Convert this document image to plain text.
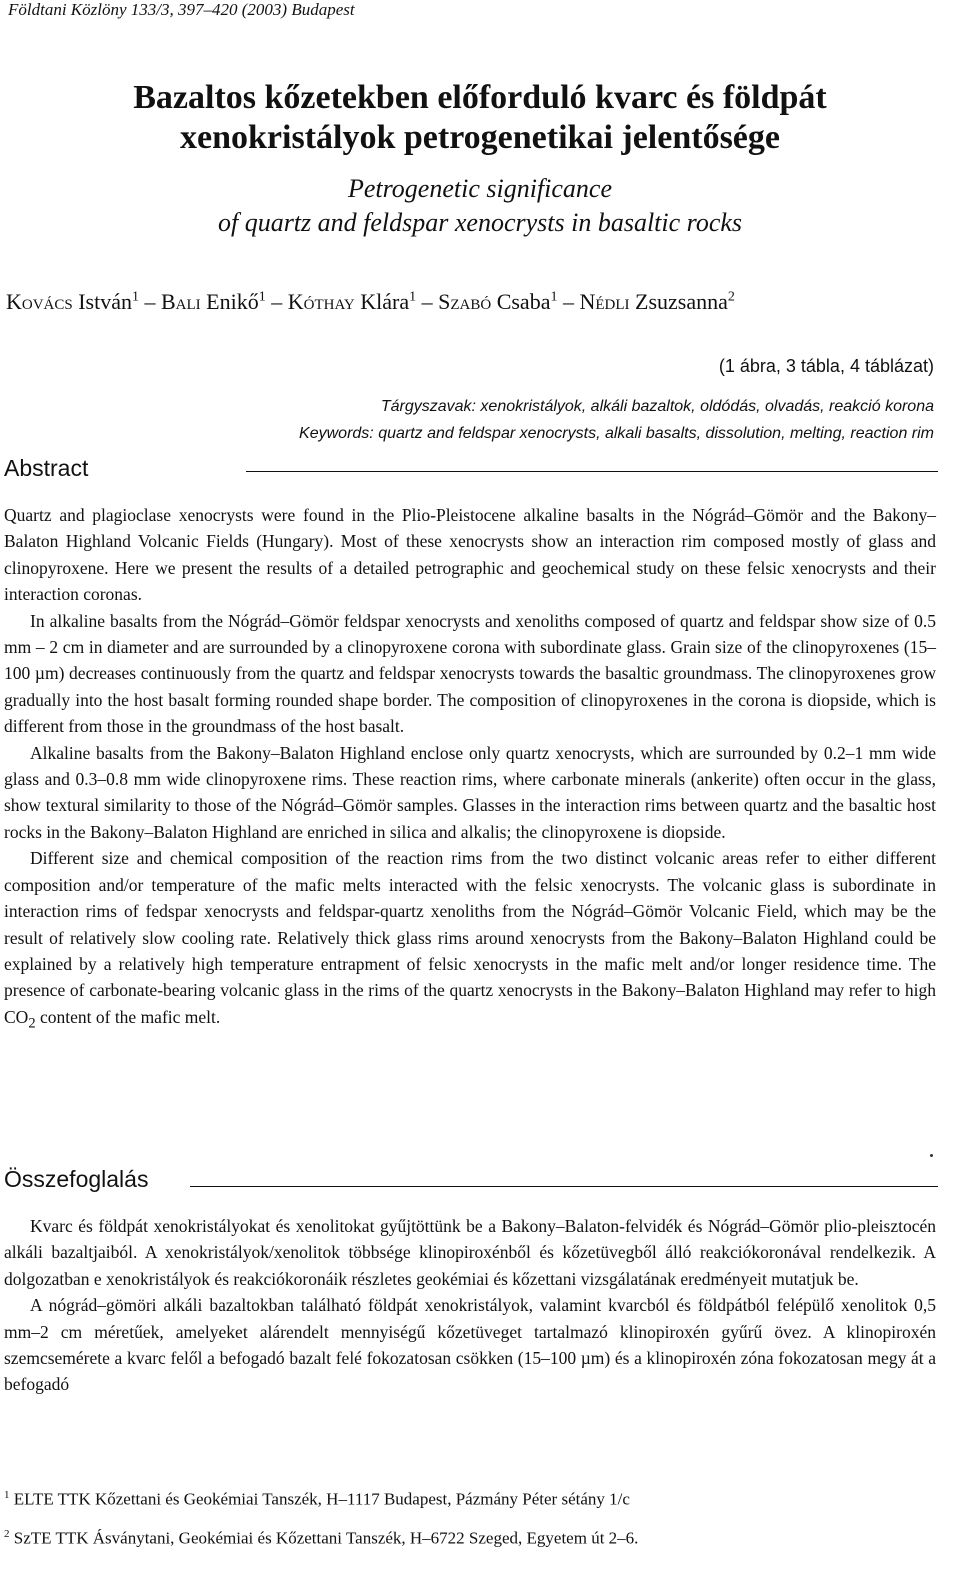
Földtani Közlöny 133/3, 397–420 (2003) Budapest
Bazaltos kőzetekben előforduló kvarc és földpát
xenokristályok petrogenetikai jelentősége
Petrogenetic significance
of quartz and feldspar xenocrysts in basaltic rocks
Kovács István$^1$ – Bali Enikő$^1$ – Kóthay Klára$^1$ – Szabó Csaba$^1$ – Nédli Zsuzsanna$^2$
(1 ábra, 3 tábla, 4 táblázat)
Tárgyszavak: xenokristályok, alkáli bazaltok, oldódás, olvadás, reakció korona
Keywords: quartz and feldspar xenocrysts, alkali basalts, dissolution, melting, reaction rim
Abstract

Quartz and plagioclase xenocrysts were found in the Plio-Pleistocene alkaline basalts in the Nógrád–Gömör and the Bakony–Balaton Highland Volcanic Fields (Hungary). Most of these xenocrysts show an interaction rim composed mostly of glass and clinopyroxene. Here we present the results of a detailed petrographic and geochemical study on these felsic xenocrysts and their interaction coronas.

In alkaline basalts from the Nógrád–Gömör feldspar xenocrysts and xenoliths composed of quartz and feldspar show size of 0.5 mm – 2 cm in diameter and are surrounded by a clinopyroxene corona with subordinate glass. Grain size of the clinopyroxenes (15–100 µm) decreases continuously from the quartz and feldspar xenocrysts towards the basaltic groundmass. The clinopyroxenes grow gradually into the host basalt forming rounded shape border. The composition of clinopyroxenes in the corona is diopside, which is different from those in the groundmass of the host basalt.

Alkaline basalts from the Bakony–Balaton Highland enclose only quartz xenocrysts, which are surrounded by 0.2–1 mm wide glass and 0.3–0.8 mm wide clinopyroxene rims. These reaction rims, where carbonate minerals (ankerite) often occur in the glass, show textural similarity to those of the Nógrád–Gömör samples. Glasses in the interaction rims between quartz and the basaltic host rocks in the Bakony–Balaton Highland are enriched in silica and alkalis; the clinopyroxene is diopside.

Different size and chemical composition of the reaction rims from the two distinct volcanic areas refer to either different composition and/or temperature of the mafic melts interacted with the felsic xenocrysts. The volcanic glass is subordinate in interaction rims of fedspar xenocrysts and feldspar-quartz xenoliths from the Nógrád–Gömör Volcanic Field, which may be the result of relatively slow cooling rate. Relatively thick glass rims around xenocrysts from the Bakony–Balaton Highland could be explained by a relatively high temperature entrapment of felsic xenocrysts in the mafic melt and/or longer residence time. The presence of carbonate-bearing volcanic glass in the rims of the quartz xenocrysts in the Bakony–Balaton Highland may refer to high $CO_2$ content of the mafic melt.

Összefoglalás

Kvarc és földpát xenokristályokat és xenolitokat gyűjtöttünk be a Bakony–Balaton-felvidék és Nógrád–Gömör plio-pleisztocén alkáli bazaltjaiból. A xenokristályok/xenolitok többsége klinopiroxénből és kőzetüvegből álló reakciókoronával rendelkezik. A dolgozatban e xenokristályok és reakciókoronáik részletes geokémiai és kőzettani vizsgálatának eredményeit mutatjuk be.

A nógrád–gömöri alkáli bazaltokban található földpát xenokristályok, valamint kvarcból és földpátból felépülő xenolitok 0,5 mm–2 cm méretűek, amelyeket alárendelt mennyiségű kőzetüveget tartalmazó klinopiroxén gyűrű övez. A klinopiroxén szemcsemérete a kvarc felől a befogadó bazalt felé fokozatosan csökken (15–100 µm) és a klinopiroxén zóna fokozatosan megy át a befogadó

$^1$ ELTE TTK Kőzettani és Geokémiai Tanszék, H–1117 Budapest, Pázmány Péter sétány 1/c
$^2$ SzTE TTK Ásványtani, Geokémiai és Kőzettani Tanszék, H–6722 Szeged, Egyetem út 2–6.
